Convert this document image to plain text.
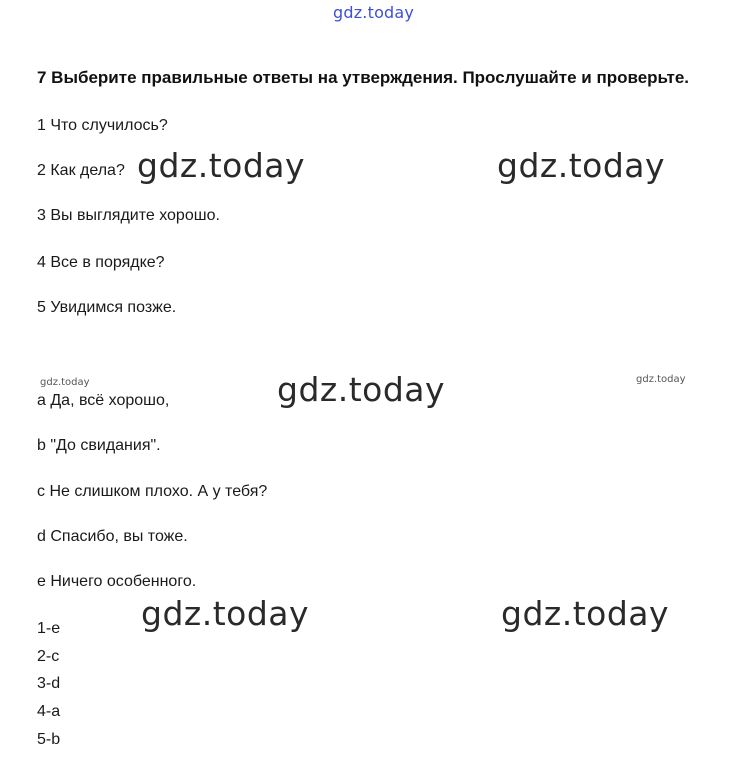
gdz.today
7 Выберите правильные ответы на утверждения. Прослушайте и проверьте.
1 Что случилось?
2 Как дела?
3 Вы выглядите хорошо.
4 Все в порядке?
5 Увидимся позже.
gdz.today	gdz.today
gdz.today	gdz.today
gdz.today
a Да, всё хорошо,
b "До свидания".
c Не слишком плохо. А у тебя?
d Спасибо, вы тоже.
e Ничего особенного.
gdz.today	gdz.today
1-e
2-c
3-d
4-a
5-b
